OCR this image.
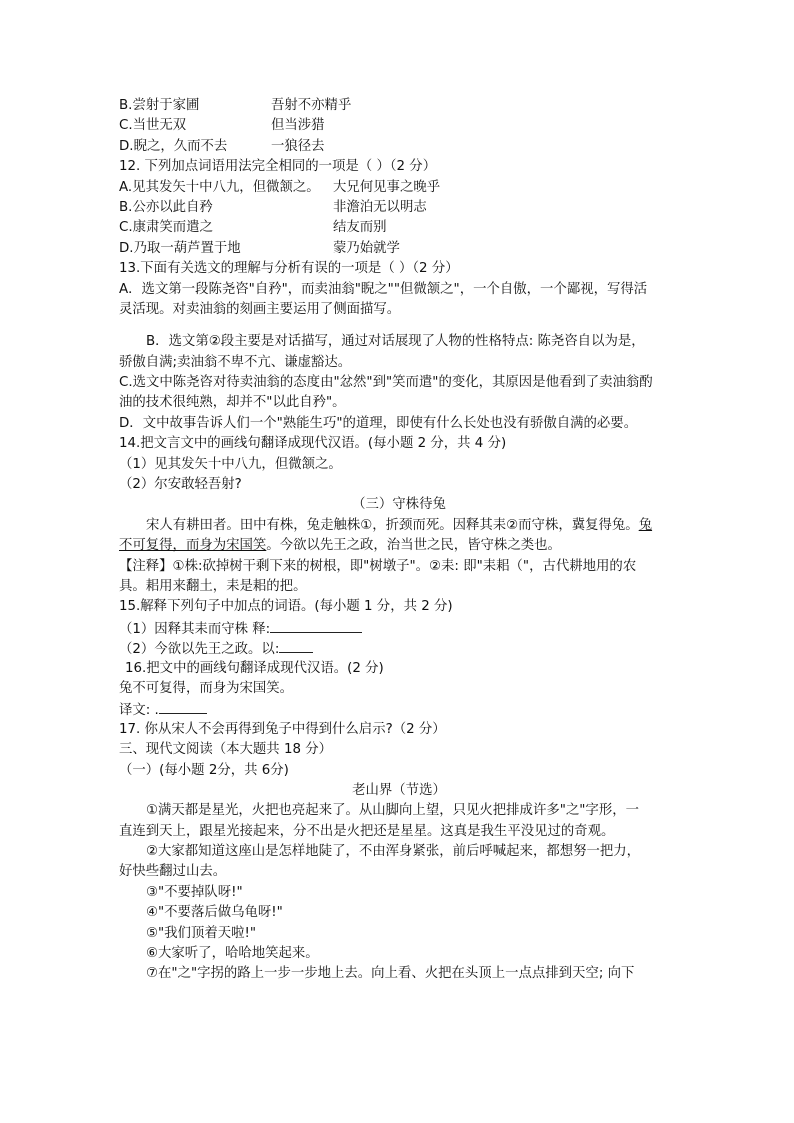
B.尝射于家圃	吾射不亦精乎
C.当世无双	但当涉猎
D.睨之，久而不去	一狼径去
12. 下列加点词语用法完全相同的一项是（ ）（2 分）
A.见其发矢十中八九，但微颔之。 大兄何见事之晚乎
B.公亦以此自矜	非澹泊无以明志
C.康肃笑而遣之	结友而别
D.乃取一葫芦置于地	蒙乃始就学
13.下面有关选文的理解与分析有误的一项是（ ）（2 分）
A．选文第一段陈尧咨"自矜"，而卖油翁"睨之""但微颔之"，一个自傲，一个鄙视，写得活
灵活现。对卖油翁的刻画主要运用了侧面描写。
B．选文第②段主要是对话描写，通过对话展现了人物的性格特点: 陈尧咨自以为是，
骄傲自满;卖油翁不卑不亢、谦虚豁达。
C.选文中陈尧咨对待卖油翁的态度由"忿然"到"笑而遣"的变化，其原因是他看到了卖油翁酌
油的技术很纯熟，却并不"以此自矜"。
D．文中故事告诉人们一个"熟能生巧"的道理，即使有什么长处也没有骄傲自满的必要。
14.把文言文中的画线句翻译成现代汉语。(每小题 2 分，共 4 分)
（1）见其发矢十中八九，但微颔之。
（2）尔安敢轻吾射?
（三）守株待兔
宋人有耕田者。田中有株，兔走触株①，折颈而死。因释其耒②而守株，冀复得兔。兔
不可复得，而身为宋国笑。今欲以先王之政，治当世之民，皆守株之类也。
【注释】①株:砍掉树干剩下来的树根，即"树墩子"。②耒: 即"耒耜（"，古代耕地用的农
具。耜用来翻土，耒是耜的把。
15.解释下列句子中加点的词语。(每小题 1 分，共 2 分)
（1）因释其耒而守株 释:
（2）今欲以先王之政。以:
16.把文中的画线句翻译成现代汉语。(2 分)
兔不可复得，而身为宋国笑。
译文: .
17. 你从宋人不会再得到兔子中得到什么启示?（2 分）
三、现代文阅读（本大题共 18 分）
（一）(每小题 2分，共 6分)
老山界（节选）
①满天都是星光，火把也亮起来了。从山脚向上望，只见火把排成许多"之"字形，一
直连到天上，跟星光接起来，分不出是火把还是星星。这真是我生平没见过的奇观。
②大家都知道这座山是怎样地陡了，不由浑身紧张，前后呼喊起来，都想努一把力，
好快些翻过山去。
③"不要掉队呀!"
④"不要落后做乌龟呀!"
⑤"我们顶着天啦!"
⑥大家听了，哈哈地笑起来。
⑦在"之"字拐的路上一步一步地上去。向上看、火把在头顶上一点点排到天空; 向下
